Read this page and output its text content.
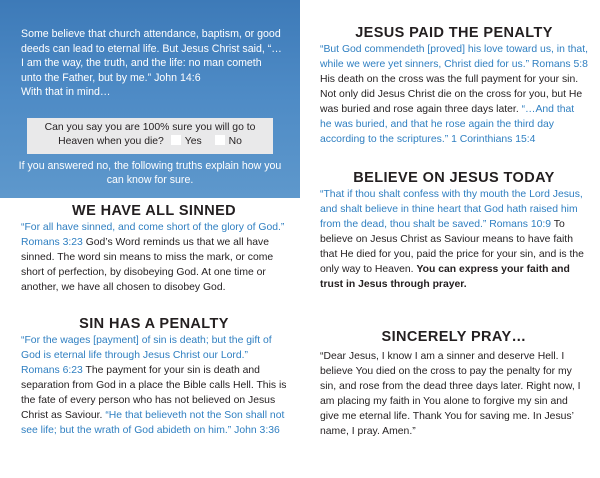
Some believe that church attendance, baptism, or good deeds can lead to eternal life. But Jesus Christ said, “…I am the way, the truth, and the life: no man cometh unto the Father, but by me.” John 14:6

With that in mind…

Can you say you are 100% sure you will go to Heaven when you die? Yes	No
If you answered no, the following truths explain how you can know for sure.
WE HAVE ALL SINNED

“For all have sinned, and come short of the glory of God.” Romans 3:23 God’s Word reminds us that we all have sinned. The word sin means to miss the mark, or come short of perfection, by disobeying God. At one time or another, we have all chosen to disobey God.

SIN HAS A PENALTY

“For the wages [payment] of sin is death; but the gift of God is eternal life through Jesus Christ our Lord.” Romans 6:23 The payment for your sin is death and separation from God in a place the Bible calls Hell. This is the fate of every person who has not believed on Jesus Christ as Saviour. “He that believeth not the Son shall not see life; but the wrath of God abideth on him.” John 3:36

JESUS PAID THE PENALTY

“But God commendeth [proved] his love toward us, in that, while we were yet sinners, Christ died for us.” Romans 5:8 His death on the cross was the full payment for your sin. Not only did Jesus Christ die on the cross for you, but He was buried and rose again three days later. “…And that he was buried, and that he rose again the third day according to the scriptures.” 1 Corinthians 15:4

BELIEVE ON JESUS TODAY

“That if thou shalt confess with thy mouth the Lord Jesus, and shalt believe in thine heart that God hath raised him from the dead, thou shalt be saved.” Romans 10:9 To believe on Jesus Christ as Saviour means to have faith that He died for you, paid the price for your sin, and is the only way to Heaven. You can express your faith and trust in Jesus through prayer.

SINCERELY PRAY…

“Dear Jesus, I know I am a sinner and deserve Hell. I believe You died on the cross to pay the penalty for my sin, and rose from the dead three days later. Right now, I am placing my faith in You alone to forgive my sin and give me eternal life. Thank You for saving me. In Jesus’ name, I pray. Amen.”
